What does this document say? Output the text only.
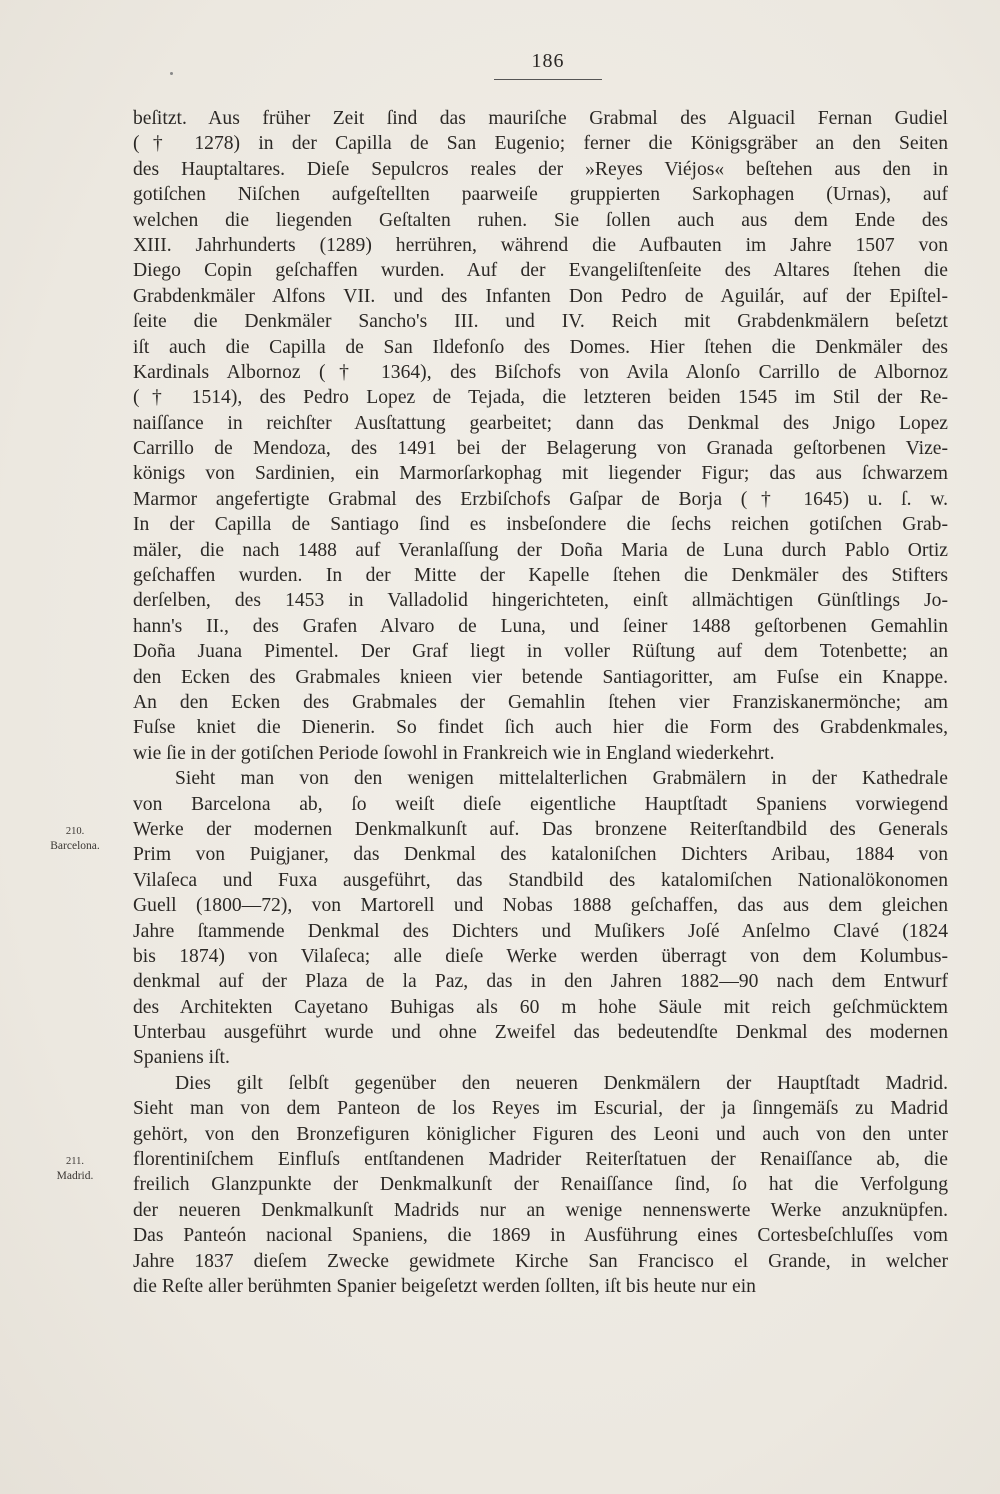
186
210.
Barcelona.
211.
Madrid.
beſitzt. Aus früher Zeit ſind das mauriſche Grabmal des Alguacil Fernan Gudiel
(† 1278) in der Capilla de San Eugenio; ferner die Königsgräber an den Seiten
des Hauptaltares. Dieſe Sepulcros reales der »Reyes Viéjos« beſtehen aus den in
gotiſchen Niſchen aufgeſtellten paarweiſe gruppierten Sarkophagen (Urnas), auf
welchen die liegenden Geſtalten ruhen. Sie ſollen auch aus dem Ende des
XIII. Jahrhunderts (1289) herrühren, während die Aufbauten im Jahre 1507 von
Diego Copin geſchaffen wurden. Auf der Evangeliſtenſeite des Altares ſtehen die
Grabdenkmäler Alfons VII. und des Infanten Don Pedro de Aguilár, auf der Epiſtel-
ſeite die Denkmäler Sancho's III. und IV. Reich mit Grabdenkmälern beſetzt
iſt auch die Capilla de San Ildefonſo des Domes. Hier ſtehen die Denkmäler des
Kardinals Albornoz († 1364), des Biſchofs von Avila Alonſo Carrillo de Albornoz
(† 1514), des Pedro Lopez de Tejada, die letzteren beiden 1545 im Stil der Re-
naiſſance in reichſter Ausſtattung gearbeitet; dann das Denkmal des Jnigo Lopez
Carrillo de Mendoza, des 1491 bei der Belagerung von Granada geſtorbenen Vize-
königs von Sardinien, ein Marmorſarkophag mit liegender Figur; das aus ſchwarzem
Marmor angefertigte Grabmal des Erzbiſchofs Gaſpar de Borja († 1645) u. ſ. w.
In der Capilla de Santiago ſind es insbeſondere die ſechs reichen gotiſchen Grab-
mäler, die nach 1488 auf Veranlaſſung der Doña Maria de Luna durch Pablo Ortiz
geſchaffen wurden. In der Mitte der Kapelle ſtehen die Denkmäler des Stifters
derſelben, des 1453 in Valladolid hingerichteten, einſt allmächtigen Günſtlings Jo-
hann's II., des Grafen Alvaro de Luna, und ſeiner 1488 geſtorbenen Gemahlin
Doña Juana Pimentel. Der Graf liegt in voller Rüſtung auf dem Totenbette; an
den Ecken des Grabmales knieen vier betende Santiagoritter, am Fuſse ein Knappe.
An den Ecken des Grabmales der Gemahlin ſtehen vier Franziskanermönche; am
Fuſse kniet die Dienerin. So findet ſich auch hier die Form des Grabdenkmales,
wie ſie in der gotiſchen Periode ſowohl in Frankreich wie in England wiederkehrt.
Sieht man von den wenigen mittelalterlichen Grabmälern in der Kathedrale
von Barcelona ab, ſo weiſt dieſe eigentliche Hauptſtadt Spaniens vorwiegend
Werke der modernen Denkmalkunſt auf. Das bronzene Reiterſtandbild des Generals
Prim von Puigjaner, das Denkmal des kataloniſchen Dichters Aribau, 1884 von
Vilaſeca und Fuxa ausgeführt, das Standbild des katalomiſchen Nationalökonomen
Guell (1800—72), von Martorell und Nobas 1888 geſchaffen, das aus dem gleichen
Jahre ſtammende Denkmal des Dichters und Muſikers Joſé Anſelmo Clavé (1824
bis 1874) von Vilaſeca; alle dieſe Werke werden überragt von dem Kolumbus-
denkmal auf der Plaza de la Paz, das in den Jahren 1882—90 nach dem Entwurf
des Architekten Cayetano Buhigas als 60 m hohe Säule mit reich geſchmücktem
Unterbau ausgeführt wurde und ohne Zweifel das bedeutendſte Denkmal des modernen
Spaniens iſt.
Dies gilt ſelbſt gegenüber den neueren Denkmälern der Hauptſtadt Madrid.
Sieht man von dem Panteon de los Reyes im Escurial, der ja ſinngemäſs zu Madrid
gehört, von den Bronzefiguren königlicher Figuren des Leoni und auch von den unter
florentiniſchem Einfluſs entſtandenen Madrider Reiterſtatuen der Renaiſſance ab, die
freilich Glanzpunkte der Denkmalkunſt der Renaiſſance ſind, ſo hat die Verfolgung
der neueren Denkmalkunſt Madrids nur an wenige nennenswerte Werke anzuknüpfen.
Das Panteón nacional Spaniens, die 1869 in Ausführung eines Cortesbeſchluſſes vom
Jahre 1837 dieſem Zwecke gewidmete Kirche San Francisco el Grande, in welcher
die Reſte aller berühmten Spanier beigeſetzt werden ſollten, iſt bis heute nur ein
